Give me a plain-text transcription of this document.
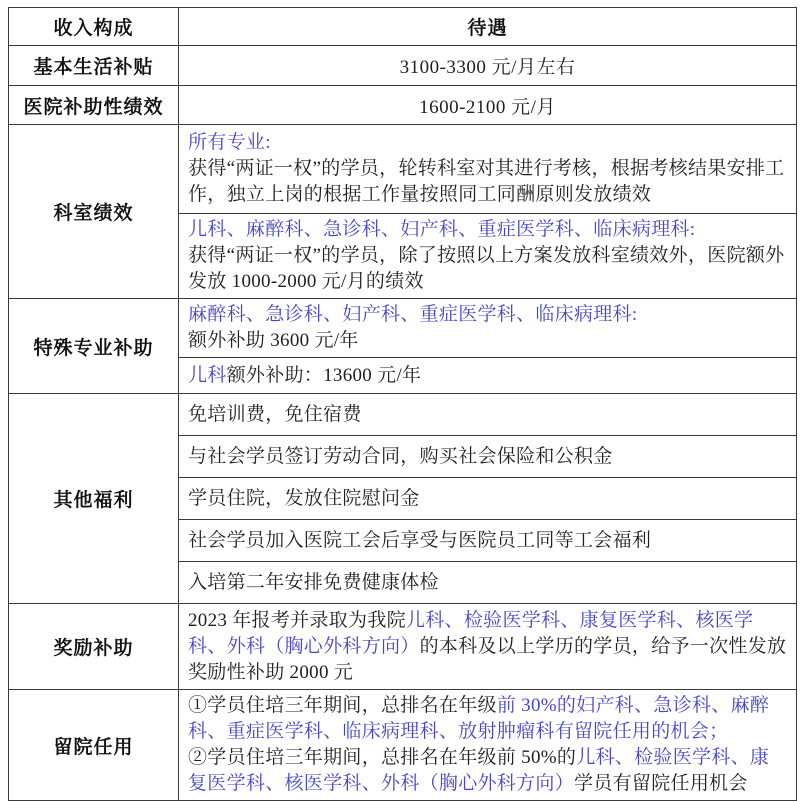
收入构成	待遇
基本生活补贴	3100-3300 元/月左右
医院补助性绩效	1600-2100 元/月
科室绩效	所有专业:
获得“两证一权”的学员，轮转科室对其进行考核，根据考核结果安排工作，独立上岗的根据工作量按照同工同酬原则发放绩效

	儿科、麻醉科、急诊科、妇产科、重症医学科、临床病理科:
获得“两证一权”的学员，除了按照以上方案发放科室绩效外，医院额外发放 1000-2000 元/月的绩效

特殊专业补助	麻醉科、急诊科、妇产科、重症医学科、临床病理科:
额外补助 3600 元/年

	儿科额外补助：13600 元/年

其他福利	免培训费，免住宿费
	与社会学员签订劳动合同，购买社会保险和公积金
	学员住院，发放住院慰问金
	社会学员加入医院工会后享受与医院员工同等工会福利
	入培第二年安排免费健康体检
奖励补助	2023 年报考并录取为我院儿科、检验医学科、康复医学科、核医学科、外科（胸心外科方向）的本科及以上学历的学员，给予一次性发放奖励性补助 2000 元

留院任用	①学员住培三年期间，总排名在年级前 30%的妇产科、急诊科、麻醉科、重症医学科、临床病理科、放射肿瘤科有留院任用的机会；
②学员住培三年期间，总排名在年级前 50%的儿科、检验医学科、康复医学科、核医学科、外科（胸心外科方向）学员有留院任用机会
